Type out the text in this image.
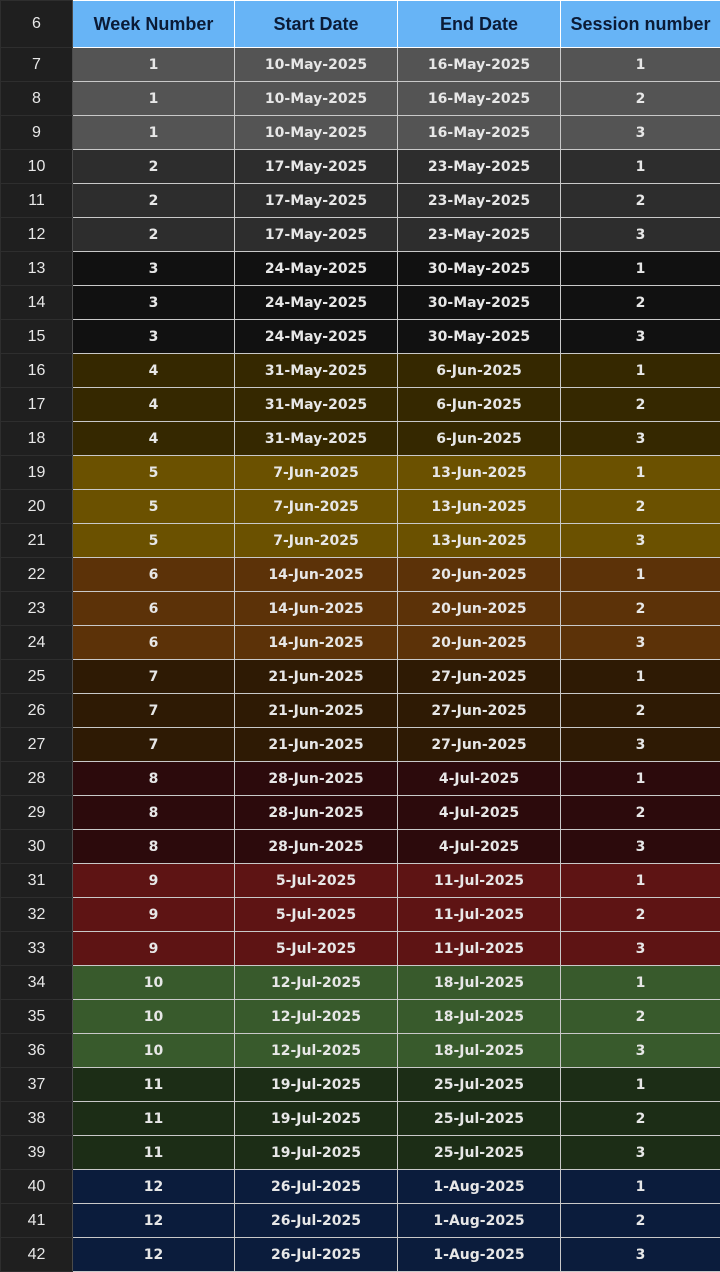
6	Week Number	Start Date	End Date	Session number
7	1	10-May-2025	16-May-2025	1
8	1	10-May-2025	16-May-2025	2
9	1	10-May-2025	16-May-2025	3
10	2	17-May-2025	23-May-2025	1
11	2	17-May-2025	23-May-2025	2
12	2	17-May-2025	23-May-2025	3
13	3	24-May-2025	30-May-2025	1
14	3	24-May-2025	30-May-2025	2
15	3	24-May-2025	30-May-2025	3
16	4	31-May-2025	6-Jun-2025	1
17	4	31-May-2025	6-Jun-2025	2
18	4	31-May-2025	6-Jun-2025	3
19	5	7-Jun-2025	13-Jun-2025	1
20	5	7-Jun-2025	13-Jun-2025	2
21	5	7-Jun-2025	13-Jun-2025	3
22	6	14-Jun-2025	20-Jun-2025	1
23	6	14-Jun-2025	20-Jun-2025	2
24	6	14-Jun-2025	20-Jun-2025	3
25	7	21-Jun-2025	27-Jun-2025	1
26	7	21-Jun-2025	27-Jun-2025	2
27	7	21-Jun-2025	27-Jun-2025	3
28	8	28-Jun-2025	4-Jul-2025	1
29	8	28-Jun-2025	4-Jul-2025	2
30	8	28-Jun-2025	4-Jul-2025	3
31	9	5-Jul-2025	11-Jul-2025	1
32	9	5-Jul-2025	11-Jul-2025	2
33	9	5-Jul-2025	11-Jul-2025	3
34	10	12-Jul-2025	18-Jul-2025	1
35	10	12-Jul-2025	18-Jul-2025	2
36	10	12-Jul-2025	18-Jul-2025	3
37	11	19-Jul-2025	25-Jul-2025	1
38	11	19-Jul-2025	25-Jul-2025	2
39	11	19-Jul-2025	25-Jul-2025	3
40	12	26-Jul-2025	1-Aug-2025	1
41	12	26-Jul-2025	1-Aug-2025	2
42	12	26-Jul-2025	1-Aug-2025	3
